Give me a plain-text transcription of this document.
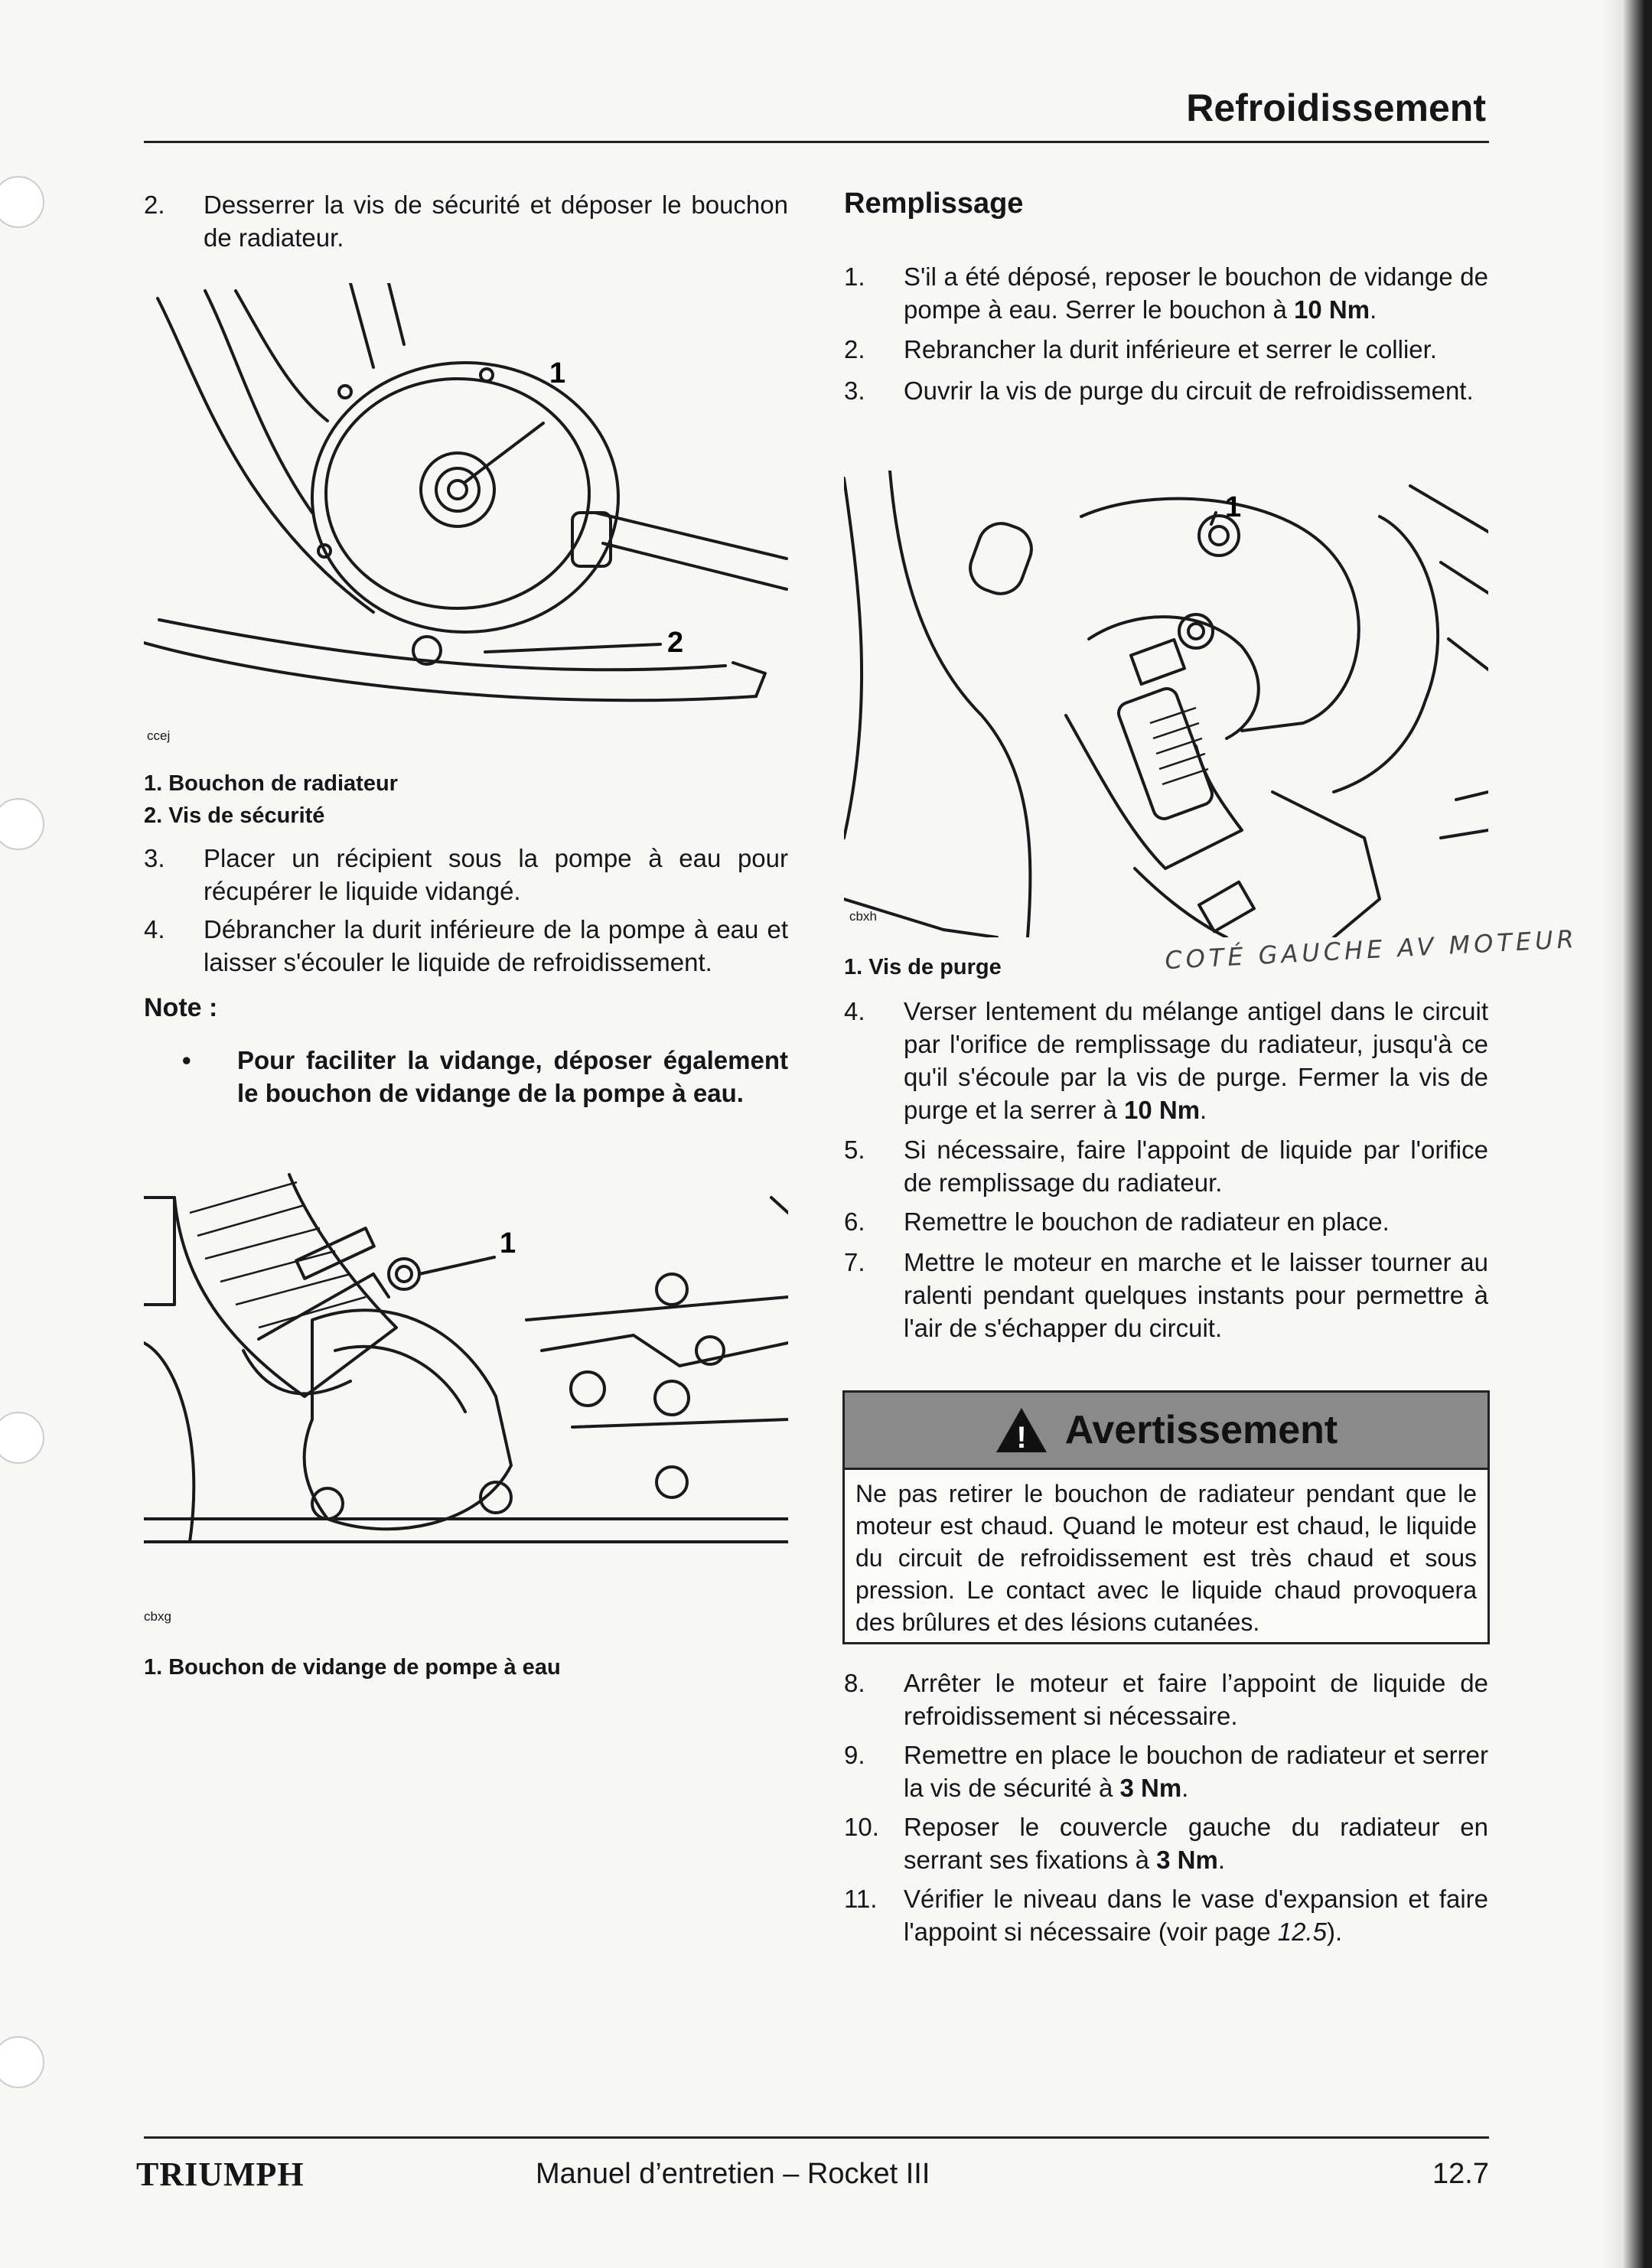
Refroidissement
2.	Desserrer la vis de sécurité et déposer le bouchon de radiateur.
1
2
ccej
1. Bouchon de radiateur
2. Vis de sécurité
3.	Placer un récipient sous la pompe à eau pour récupérer le liquide vidangé.
4.	Débrancher la durit inférieure de la pompe à eau et laisser s'écouler le liquide de refroidissement.
Note :
•	Pour faciliter la vidange, déposer également le bouchon de vidange de la pompe à eau.
1
cbxg
1. Bouchon de vidange de pompe à eau
Remplissage
1.	S'il a été déposé, reposer le bouchon de vidange de pompe à eau. Serrer le bouchon à 10 Nm.
2.	Rebrancher la durit inférieure et serrer le collier.
3.	Ouvrir la vis de purge du circuit de refroidissement.
1
cbxh
1. Vis de purge	COTÉ GAUCHE AV MOTEUR
4.	Verser lentement du mélange antigel dans le circuit par l'orifice de remplissage du radiateur, jusqu'à ce qu'il s'écoule par la vis de purge. Fermer la vis de purge et la serrer à 10 Nm.
5.	Si nécessaire, faire l'appoint de liquide par l'orifice de remplissage du radiateur.
6.	Remettre le bouchon de radiateur en place.
7.	Mettre le moteur en marche et le laisser tourner au ralenti pendant quelques instants pour permettre à l'air de s'échapper du circuit.
! Avertissement
Ne pas retirer le bouchon de radiateur pendant que le moteur est chaud. Quand le moteur est chaud, le liquide du circuit de refroidissement est très chaud et sous pression. Le contact avec le liquide chaud provoquera des brûlures et des lésions cutanées.
8.	Arrêter le moteur et faire l’appoint de liquide de refroidissement si nécessaire.
9.	Remettre en place le bouchon de radiateur et serrer la vis de sécurité à 3 Nm.
10. Reposer le couvercle gauche du radiateur en serrant ses fixations à 3 Nm.
11.	Vérifier le niveau dans le vase d'expansion et faire l'appoint si nécessaire (voir page 12.5).
TRIUMPH	Manuel d’entretien – Rocket III	12.7
